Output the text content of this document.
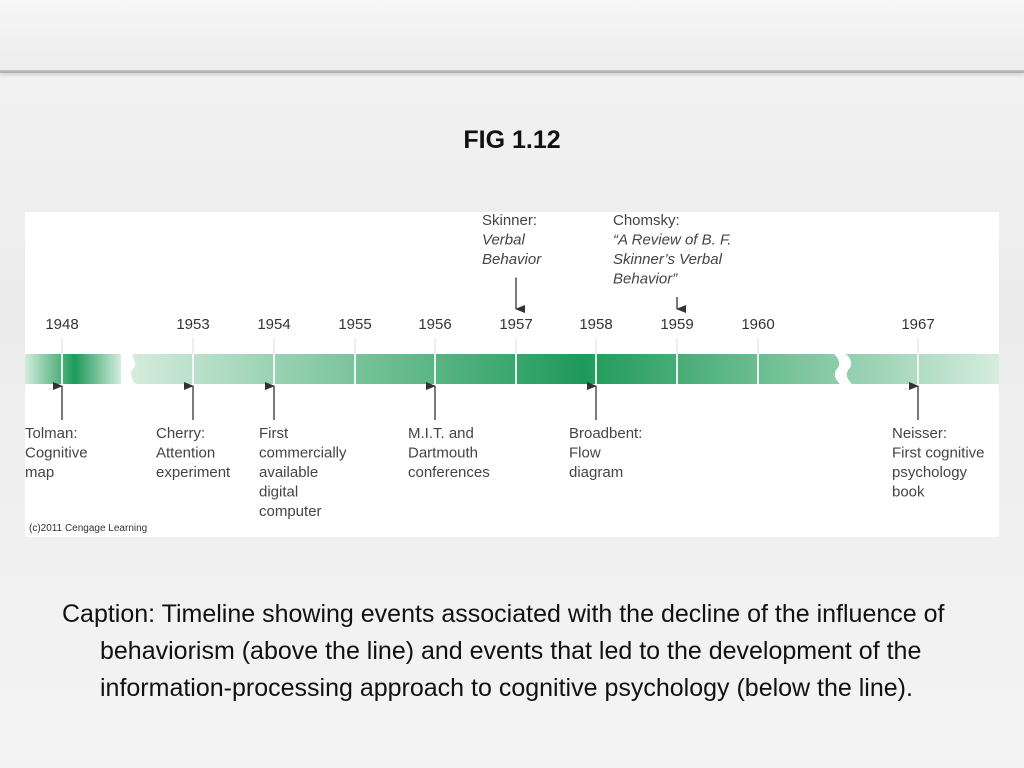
FIG 1.12
1948	1953	1954	1955	1956	1957	1958	1959	1960	1967
Skinner:
Verbal
Behavior
Chomsky:
“A Review of B. F.
Skinner’s Verbal
Behavior”
Tolman:
Cognitive
map
Cherry:
Attention
experiment
First
commercially
available
digital
computer
M.I.T. and
Dartmouth
conferences
Broadbent:
Flow
diagram
Neisser:
First cognitive
psychology
book
(c)2011 Cengage Learning
Caption: Timeline showing events associated with the decline of the influence of behaviorism (above the line) and events that led to the development of the information-processing approach to cognitive psychology (below the line).
